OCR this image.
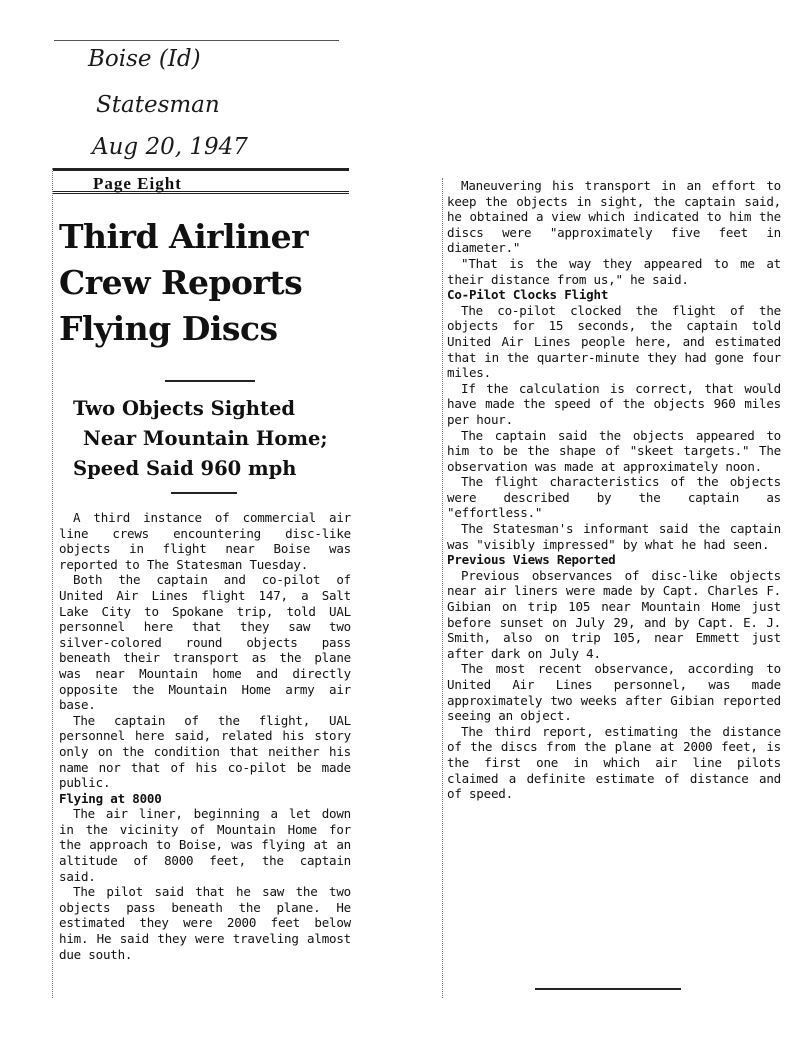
Boise (Id)
Statesman
Aug 20, 1947
Page Eight
Third Airliner
Crew Reports
Flying Discs
Two Objects Sighted
Near Mountain Home;
Speed Said 960 mph

A third instance of commercial air line crews encountering disc-like objects in flight near Boise was reported to The Statesman Tuesday.

Both the captain and co-pilot of United Air Lines flight 147, a Salt Lake City to Spokane trip, told UAL personnel here that they saw two silver-colored round objects pass beneath their transport as the plane was near Mountain home and directly opposite the Mountain Home army air base.

The captain of the flight, UAL personnel here said, related his story only on the condition that neither his name nor that of his co-pilot be made public.

Flying at 8000

The air liner, beginning a let down in the vicinity of Mountain Home for the approach to Boise, was flying at an altitude of 8000 feet, the captain said.

The pilot said that he saw the two objects pass beneath the plane. He estimated they were 2000 feet below him. He said they were traveling almost due south.

Maneuvering his transport in an effort to keep the objects in sight, the captain said, he obtained a view which indicated to him the discs were "approximately five feet in diameter."

"That is the way they appeared to me at their distance from us," he said.

Co-Pilot Clocks Flight

The co-pilot clocked the flight of the objects for 15 seconds, the captain told United Air Lines people here, and estimated that in the quarter-minute they had gone four miles.

If the calculation is correct, that would have made the speed of the objects 960 miles per hour.

The captain said the objects appeared to him to be the shape of "skeet targets." The observation was made at approximately noon.

The flight characteristics of the objects were described by the captain as "effortless."

The Statesman's informant said the captain was "visibly impressed" by what he had seen.

Previous Views Reported

Previous observances of disc-like objects near air liners were made by Capt. Charles F. Gibian on trip 105 near Mountain Home just before sunset on July 29, and by Capt. E. J. Smith, also on trip 105, near Emmett just after dark on July 4.

The most recent observance, according to United Air Lines personnel, was made approximately two weeks after Gibian reported seeing an object.

The third report, estimating the distance of the discs from the plane at 2000 feet, is the first one in which air line pilots claimed a definite estimate of distance and of speed.
